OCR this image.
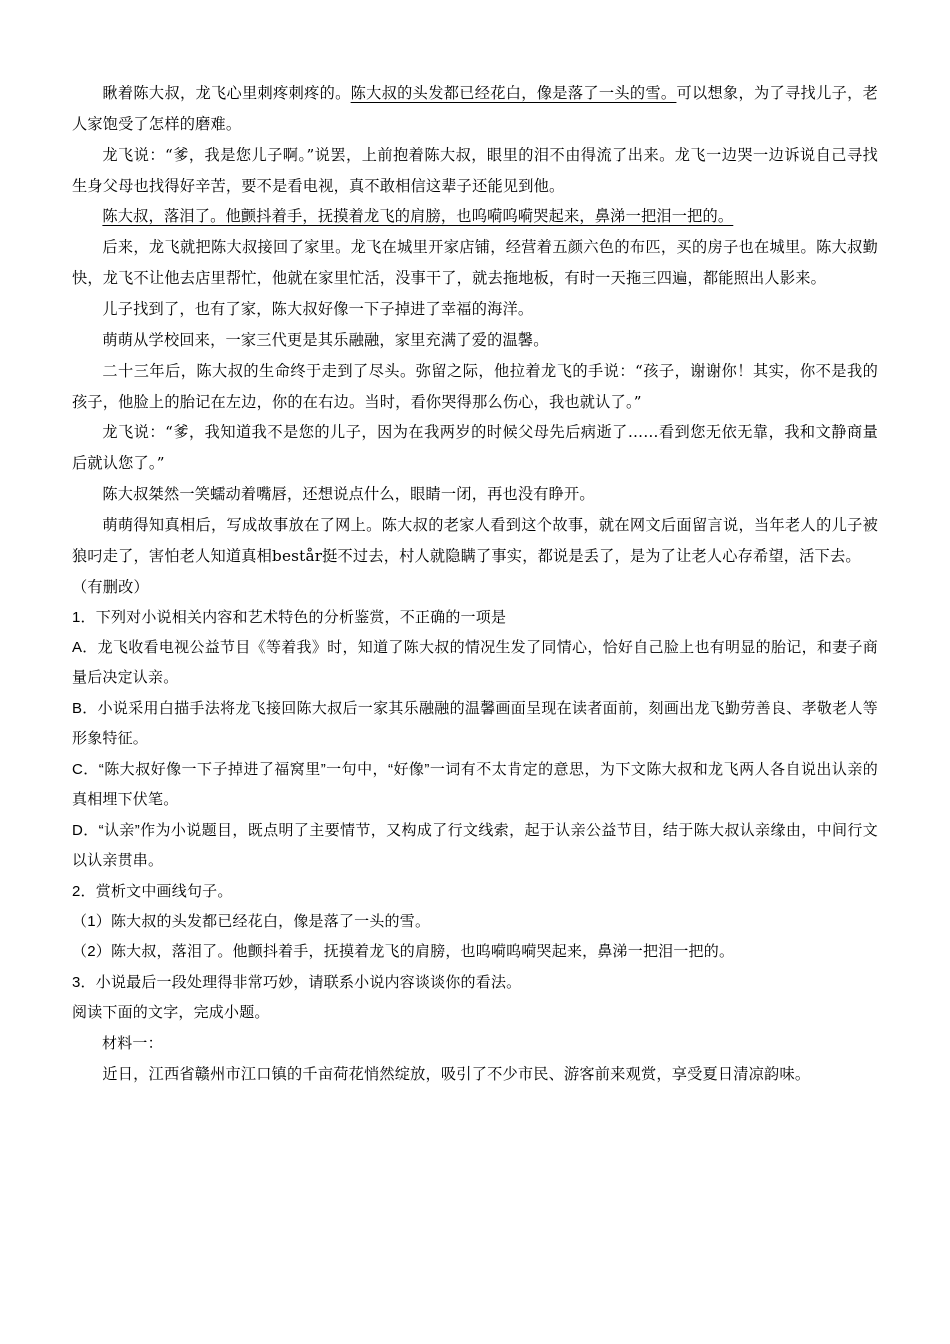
瞅着陈大叔，龙飞心里刺疼刺疼的。陈大叔的头发都已经花白，像是落了一头的雪。可以想象，为了寻找儿子，老人家饱受了怎样的磨难。

龙飞说：“爹，我是您儿子啊。”说罢，上前抱着陈大叔，眼里的泪不由得流了出来。龙飞一边哭一边诉说自己寻找生身父母也找得好辛苦，要不是看电视，真不敢相信这辈子还能见到他。

陈大叔，落泪了。他颤抖着手，抚摸着龙飞的肩膀，也呜嗬呜嗬哭起来，鼻涕一把泪一把的。

后来，龙飞就把陈大叔接回了家里。龙飞在城里开家店铺，经营着五颜六色的布匹，买的房子也在城里。陈大叔勤快，龙飞不让他去店里帮忙，他就在家里忙活，没事干了，就去拖地板，有时一天拖三四遍，都能照出人影来。

儿子找到了，也有了家，陈大叔好像一下子掉进了幸福的海洋。

萌萌从学校回来，一家三代更是其乐融融，家里充满了爱的温馨。

二十三年后，陈大叔的生命终于走到了尽头。弥留之际，他拉着龙飞的手说：“孩子，谢谢你！其实，你不是我的孩子，他脸上的胎记在左边，你的在右边。当时，看你哭得那么伤心，我也就认了。”

龙飞说：“爹，我知道我不是您的儿子，因为在我两岁的时候父母先后病逝了……看到您无依无靠，我和文静商量后就认您了。”

陈大叔桀然一笑蠕动着嘴唇，还想说点什么，眼睛一闭，再也没有睁开。

萌萌得知真相后，写成故事放在了网上。陈大叔的老家人看到这个故事，就在网文后面留言说，当年老人的儿子被狼叼走了，害怕老人知道真相består挺不过去，村人就隐瞒了事实，都说是丢了，是为了让老人心存希望，活下去。

（有删改）

1．下列对小说相关内容和艺术特色的分析鉴赏，不正确的一项是

A．龙飞收看电视公益节目《等着我》时，知道了陈大叔的情况生发了同情心，恰好自己脸上也有明显的胎记，和妻子商量后决定认亲。

B．小说采用白描手法将龙飞接回陈大叔后一家其乐融融的温馨画面呈现在读者面前，刻画出龙飞勤劳善良、孝敬老人等形象特征。

C．“陈大叔好像一下子掉进了福窝里”一句中，“好像”一词有不太肯定的意思，为下文陈大叔和龙飞两人各自说出认亲的真相埋下伏笔。

D．“认亲”作为小说题目，既点明了主要情节，又构成了行文线索，起于认亲公益节目，结于陈大叔认亲缘由，中间行文以认亲贯串。

2．赏析文中画线句子。

（1）陈大叔的头发都已经花白，像是落了一头的雪。

（2）陈大叔，落泪了。他颤抖着手，抚摸着龙飞的肩膀，也呜嗬呜嗬哭起来，鼻涕一把泪一把的。

3．小说最后一段处理得非常巧妙，请联系小说内容谈谈你的看法。

阅读下面的文字，完成小题。

材料一：

近日，江西省赣州市江口镇的千亩荷花悄然绽放，吸引了不少市民、游客前来观赏，享受夏日清凉韵味。
